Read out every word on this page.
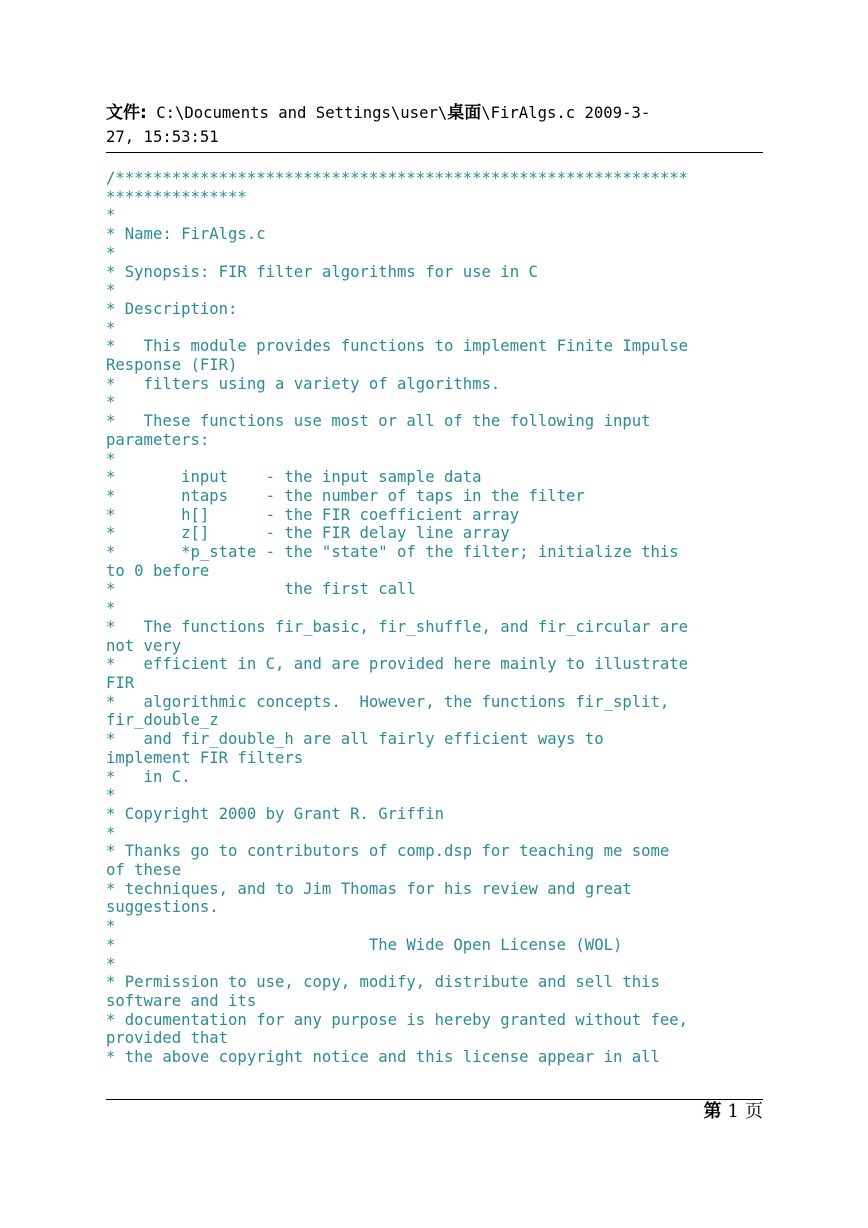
文件: C:\Documents and Settings\user\桌面\FirAlgs.c 2009-3-
27, 15:53:51
/*************************************************************
***************
*
* Name: FirAlgs.c
*
* Synopsis: FIR filter algorithms for use in C
*
* Description:
*
*   This module provides functions to implement Finite Impulse
Response (FIR)
*   filters using a variety of algorithms.
*
*   These functions use most or all of the following input
parameters:
*
*       input    - the input sample data
*       ntaps    - the number of taps in the filter
*       h[]      - the FIR coefficient array
*       z[]      - the FIR delay line array
*       *p_state - the "state" of the filter; initialize this
to 0 before
*                  the first call
*
*   The functions fir_basic, fir_shuffle, and fir_circular are
not very
*   efficient in C, and are provided here mainly to illustrate
FIR
*   algorithmic concepts.  However, the functions fir_split,
fir_double_z
*   and fir_double_h are all fairly efficient ways to
implement FIR filters
*   in C.
*
* Copyright 2000 by Grant R. Griffin
*
* Thanks go to contributors of comp.dsp for teaching me some
of these
* techniques, and to Jim Thomas for his review and great
suggestions.
*
*                           The Wide Open License (WOL)
*
* Permission to use, copy, modify, distribute and sell this
software and its
* documentation for any purpose is hereby granted without fee,
provided that
* the above copyright notice and this license appear in all

第 1 页
